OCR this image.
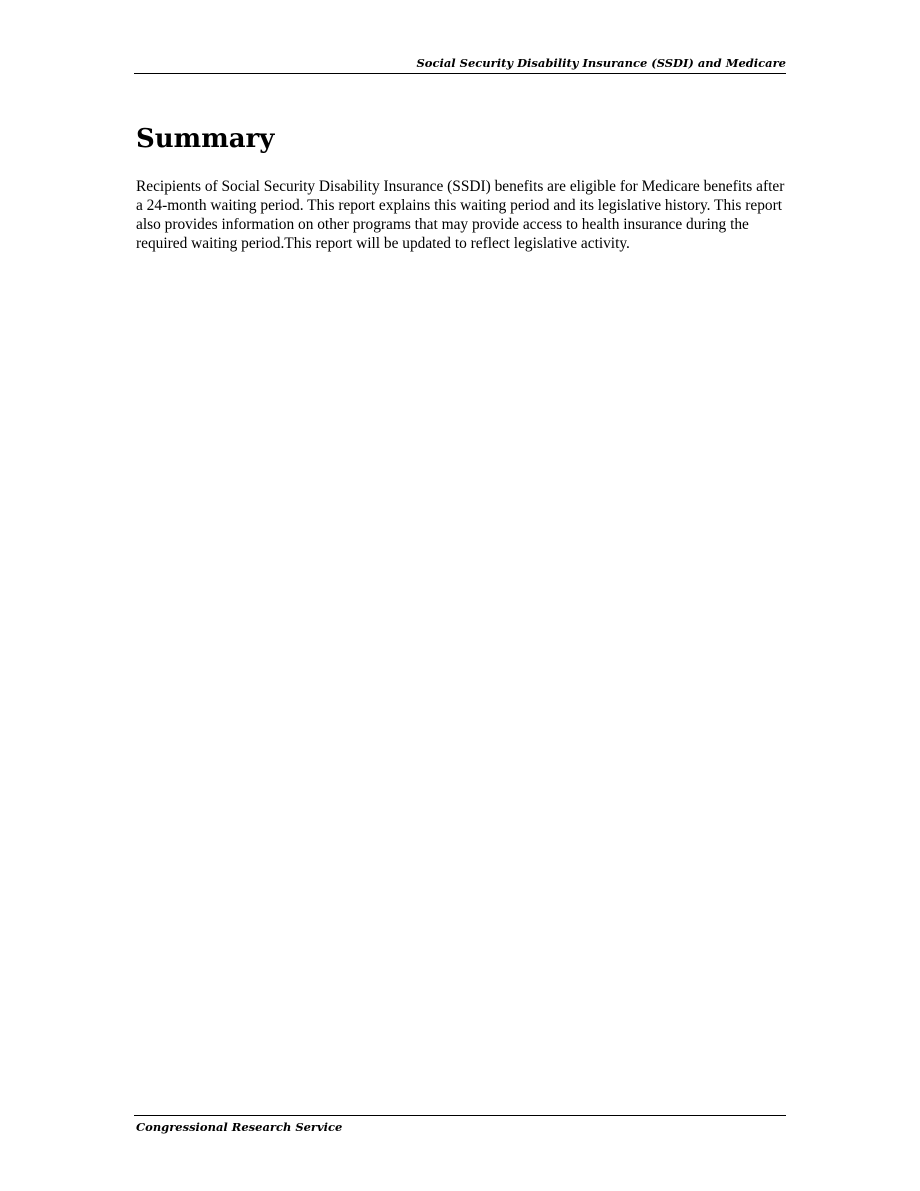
Social Security Disability Insurance (SSDI) and Medicare
Summary

Recipients of Social Security Disability Insurance (SSDI) benefits are eligible for Medicare benefits after a 24-month waiting period. This report explains this waiting period and its legislative history. This report also provides information on other programs that may provide access to health insurance during the required waiting period.This report will be updated to reflect legislative activity.

Congressional Research Service
